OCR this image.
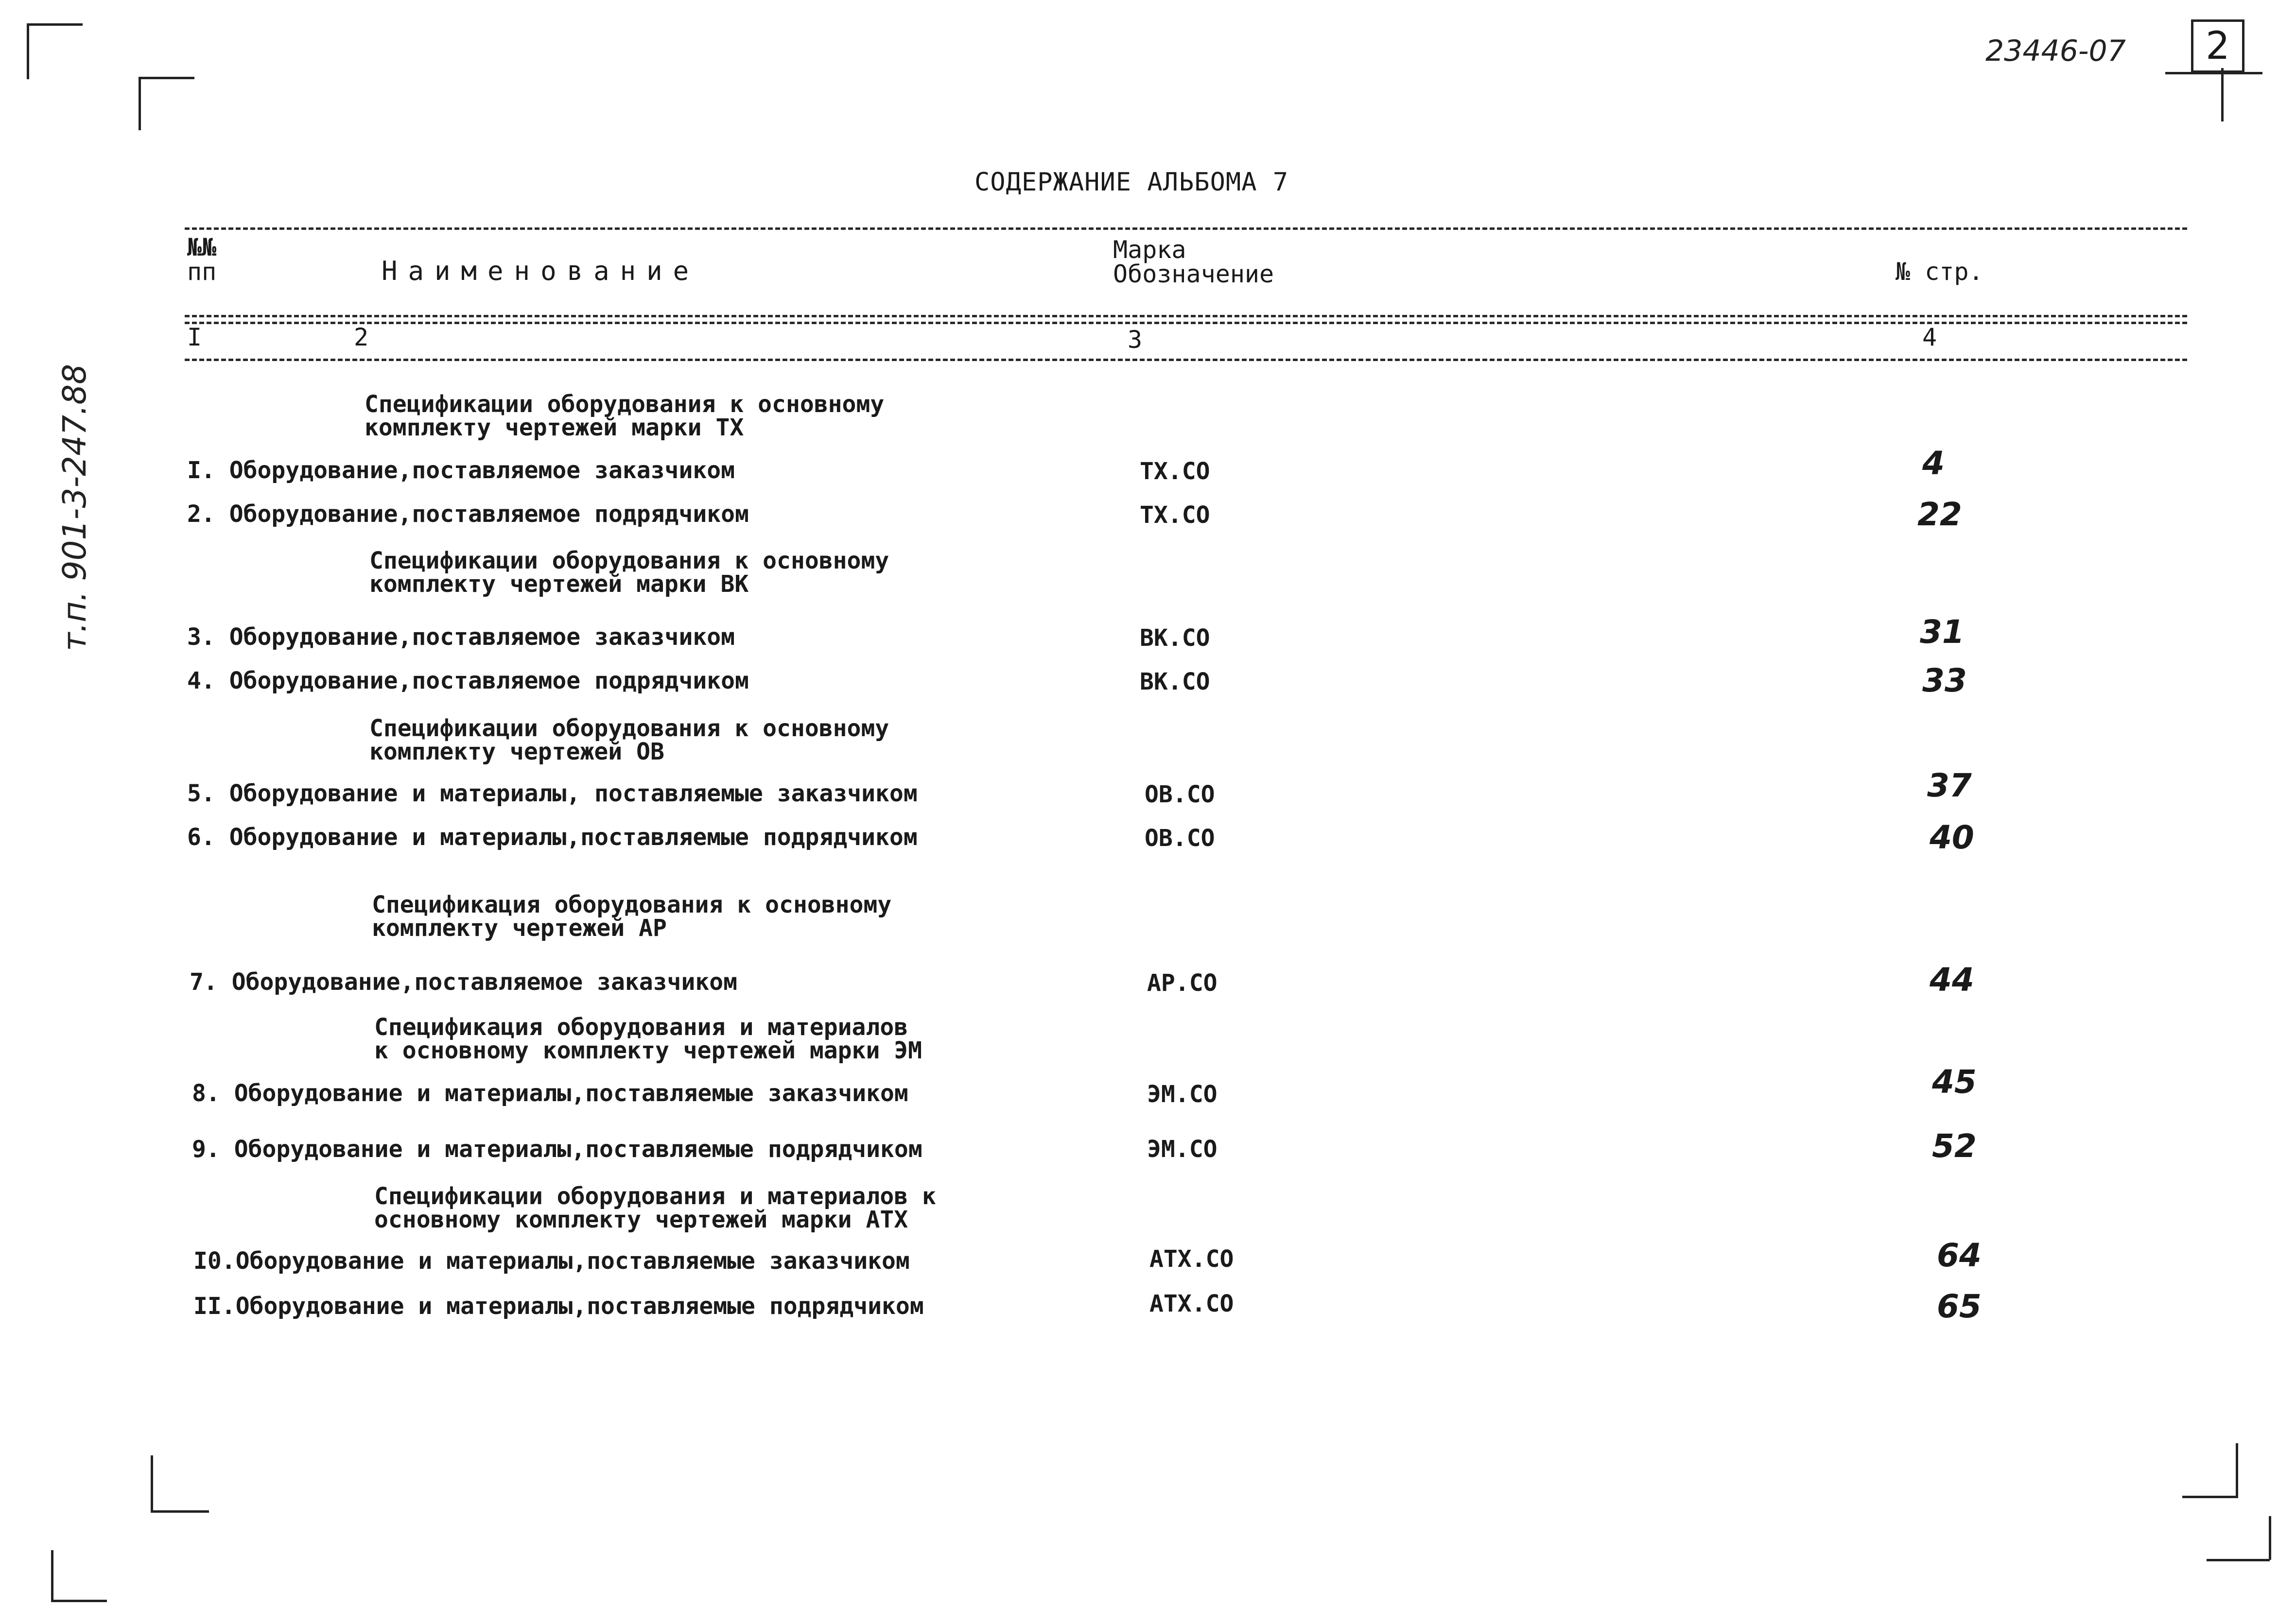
23446-07	2
т.п. 901-3-247.88
СОДЕРЖАНИЕ АЛЬБОМА 7
№№
пп	Наименование
Марка
Обозначение	№ стр.
I	2	3	4
Спецификации оборудования к основному
комплекту чертежей марки ТХ
I. Оборудование,поставляемое заказчиком	ТХ.СО	4
2. Оборудование,поставляемое подрядчиком	ТХ.СО	22
Спецификации оборудования к основному
комплекту чертежей марки ВК
3. Оборудование,поставляемое заказчиком	ВК.СО	31
4. Оборудование,поставляемое подрядчиком	ВК.СО	33
Спецификации оборудования к основному
комплекту чертежей ОВ
5. Оборудование и материалы, поставляемые заказчиком	ОВ.СО	37
6. Оборудование и материалы,поставляемые подрядчиком	ОВ.СО	40
Спецификация оборудования к основному
комплекту чертежей АР
7. Оборудование,поставляемое заказчиком	АР.СО	44
Спецификация оборудования и материалов
к основному комплекту чертежей марки ЭМ
8. Оборудование и материалы,поставляемые заказчиком	ЭМ.СО	45
9. Оборудование и материалы,поставляемые подрядчиком	ЭМ.СО	52
Спецификации оборудования и материалов к
основному комплекту чертежей марки АТХ
I0.Оборудование и материалы,поставляемые заказчиком	АТХ.СО	64
II.Оборудование и материалы,поставляемые подрядчиком	АТХ.СО	65
